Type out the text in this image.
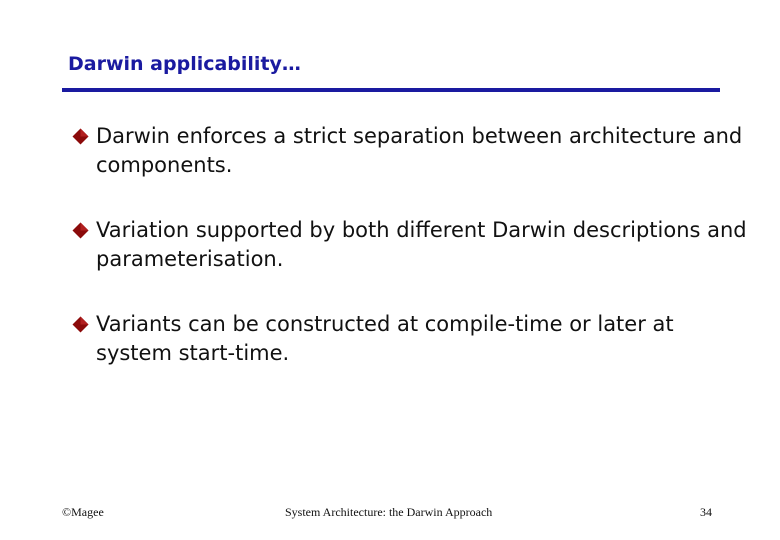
Darwin applicability…
Darwin enforces a strict separation between architecture and components.
Variation supported by both different Darwin descriptions and parameterisation.
Variants can be constructed at compile-time or later at system start-time.
©Magee	System Architecture: the Darwin Approach	34
